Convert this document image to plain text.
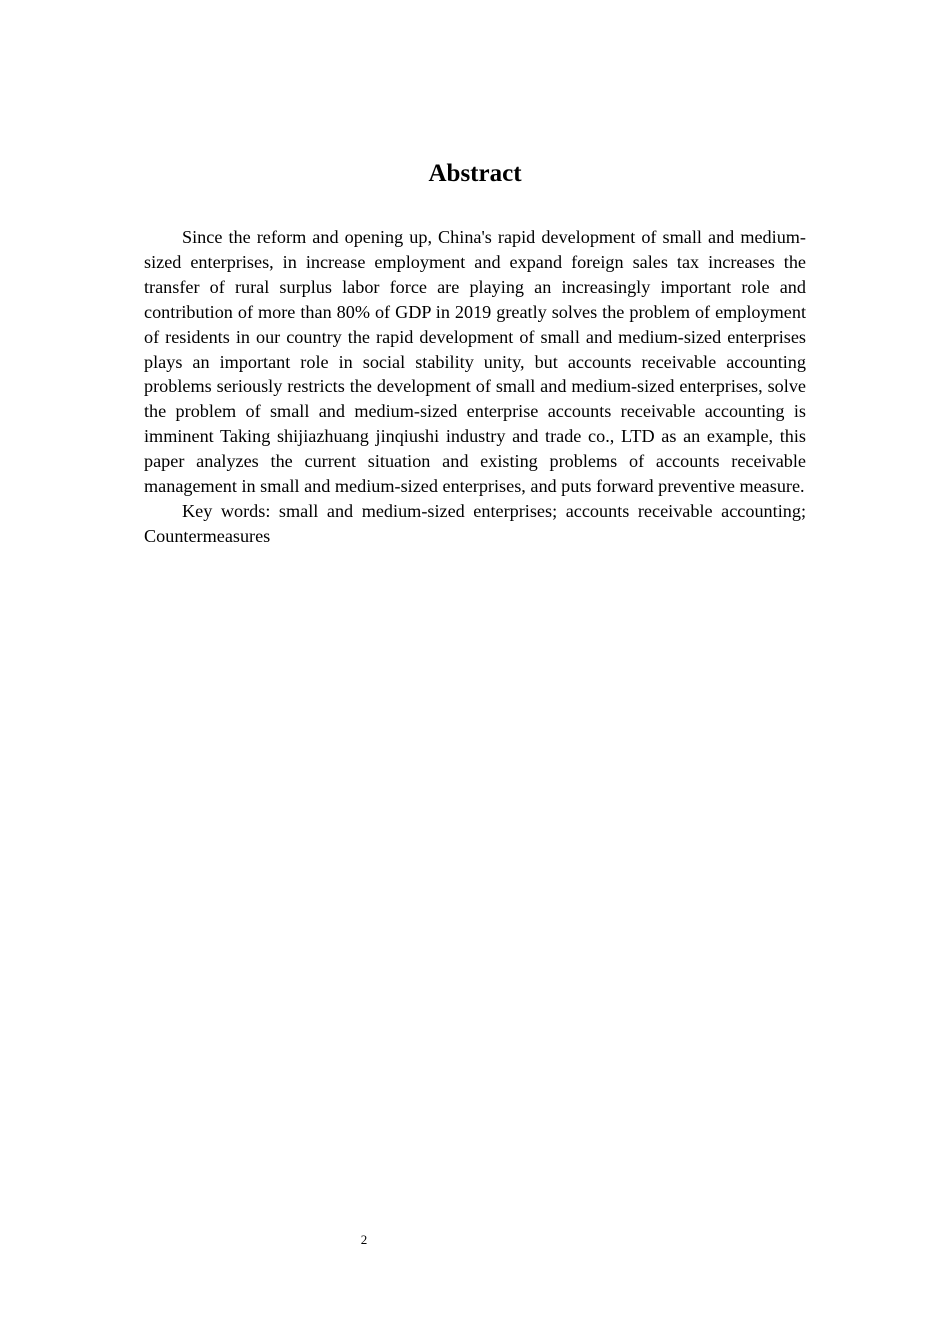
Abstract

Since the reform and opening up, China's rapid development of small and medium-sized enterprises, in increase employment and expand foreign sales tax increases the transfer of rural surplus labor force are playing an increasingly important role and contribution of more than 80% of GDP in 2019 greatly solves the problem of employment of residents in our country the rapid development of small and medium-sized enterprises plays an important role in social stability unity, but accounts receivable accounting problems seriously restricts the development of small and medium-sized enterprises, solve the problem of small and medium-sized enterprise accounts receivable accounting is imminent Taking shijiazhuang jinqiushi industry and trade co., LTD as an example, this paper analyzes the current situation and existing problems of accounts receivable management in small and medium-sized enterprises, and puts forward preventive measure.

Key words: small and medium-sized enterprises; accounts receivable accounting; Countermeasures

2
